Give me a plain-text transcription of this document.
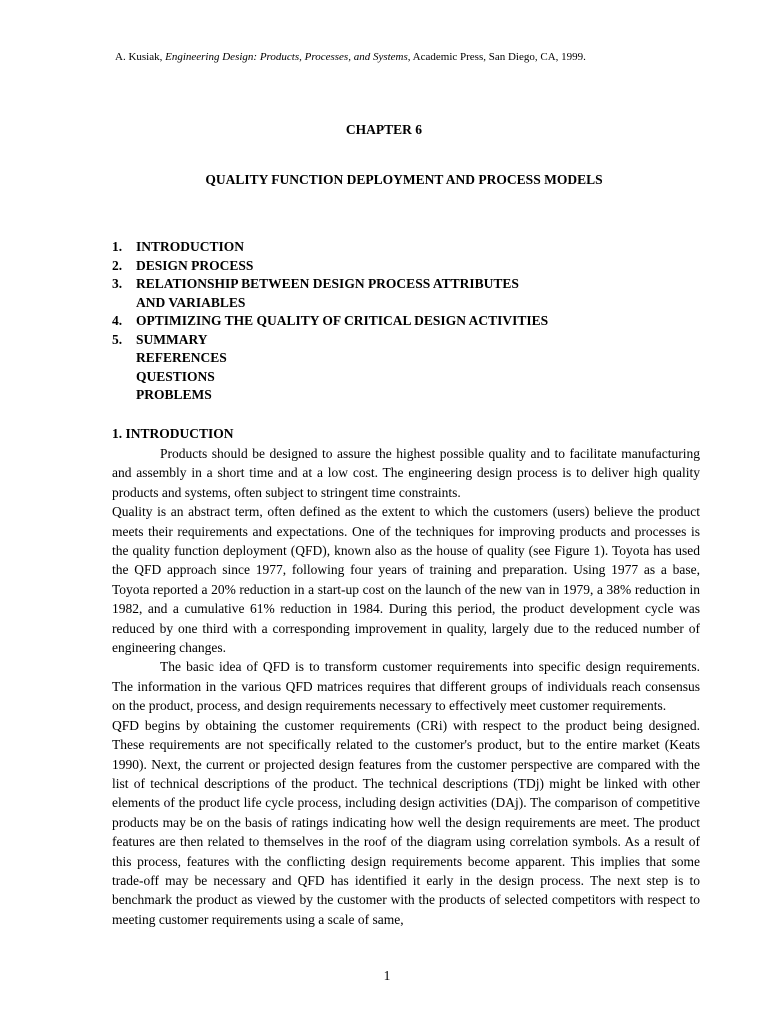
A. Kusiak, Engineering Design: Products, Processes, and Systems, Academic Press, San Diego, CA, 1999.
CHAPTER 6
QUALITY FUNCTION DEPLOYMENT AND PROCESS MODELS
1. INTRODUCTION
2. DESIGN PROCESS
3. RELATIONSHIP BETWEEN DESIGN PROCESS ATTRIBUTES
AND VARIABLES
4. OPTIMIZING THE QUALITY OF CRITICAL DESIGN ACTIVITIES
5. SUMMARY
REFERENCES
QUESTIONS
PROBLEMS
1. INTRODUCTION

Products should be designed to assure the highest possible quality and to facilitate manufacturing and assembly in a short time and at a low cost. The engineering design process is to deliver high quality products and systems, often subject to stringent time constraints.

Quality is an abstract term, often defined as the extent to which the customers (users) believe the product meets their requirements and expectations. One of the techniques for improving products and processes is the quality function deployment (QFD), known also as the house of quality (see Figure 1). Toyota has used the QFD approach since 1977, following four years of training and preparation. Using 1977 as a base, Toyota reported a 20% reduction in a start-up cost on the launch of the new van in 1979, a 38% reduction in 1982, and a cumulative 61% reduction in 1984. During this period, the product development cycle was reduced by one third with a corresponding improvement in quality, largely due to the reduced number of engineering changes.

The basic idea of QFD is to transform customer requirements into specific design requirements. The information in the various QFD matrices requires that different groups of individuals reach consensus on the product, process, and design requirements necessary to effectively meet customer requirements.

QFD begins by obtaining the customer requirements (CRi) with respect to the product being designed. These requirements are not specifically related to the customer's product, but to the entire market (Keats 1990). Next, the current or projected design features from the customer perspective are compared with the list of technical descriptions of the product. The technical descriptions (TDj) might be linked with other elements of the product life cycle process, including design activities (DAj). The comparison of competitive products may be on the basis of ratings indicating how well the design requirements are meet. The product features are then related to themselves in the roof of the diagram using correlation symbols. As a result of this process, features with the conflicting design requirements become apparent. This implies that some trade-off may be necessary and QFD has identified it early in the design process. The next step is to benchmark the product as viewed by the customer with the products of selected competitors with respect to meeting customer requirements using a scale of same,

1
